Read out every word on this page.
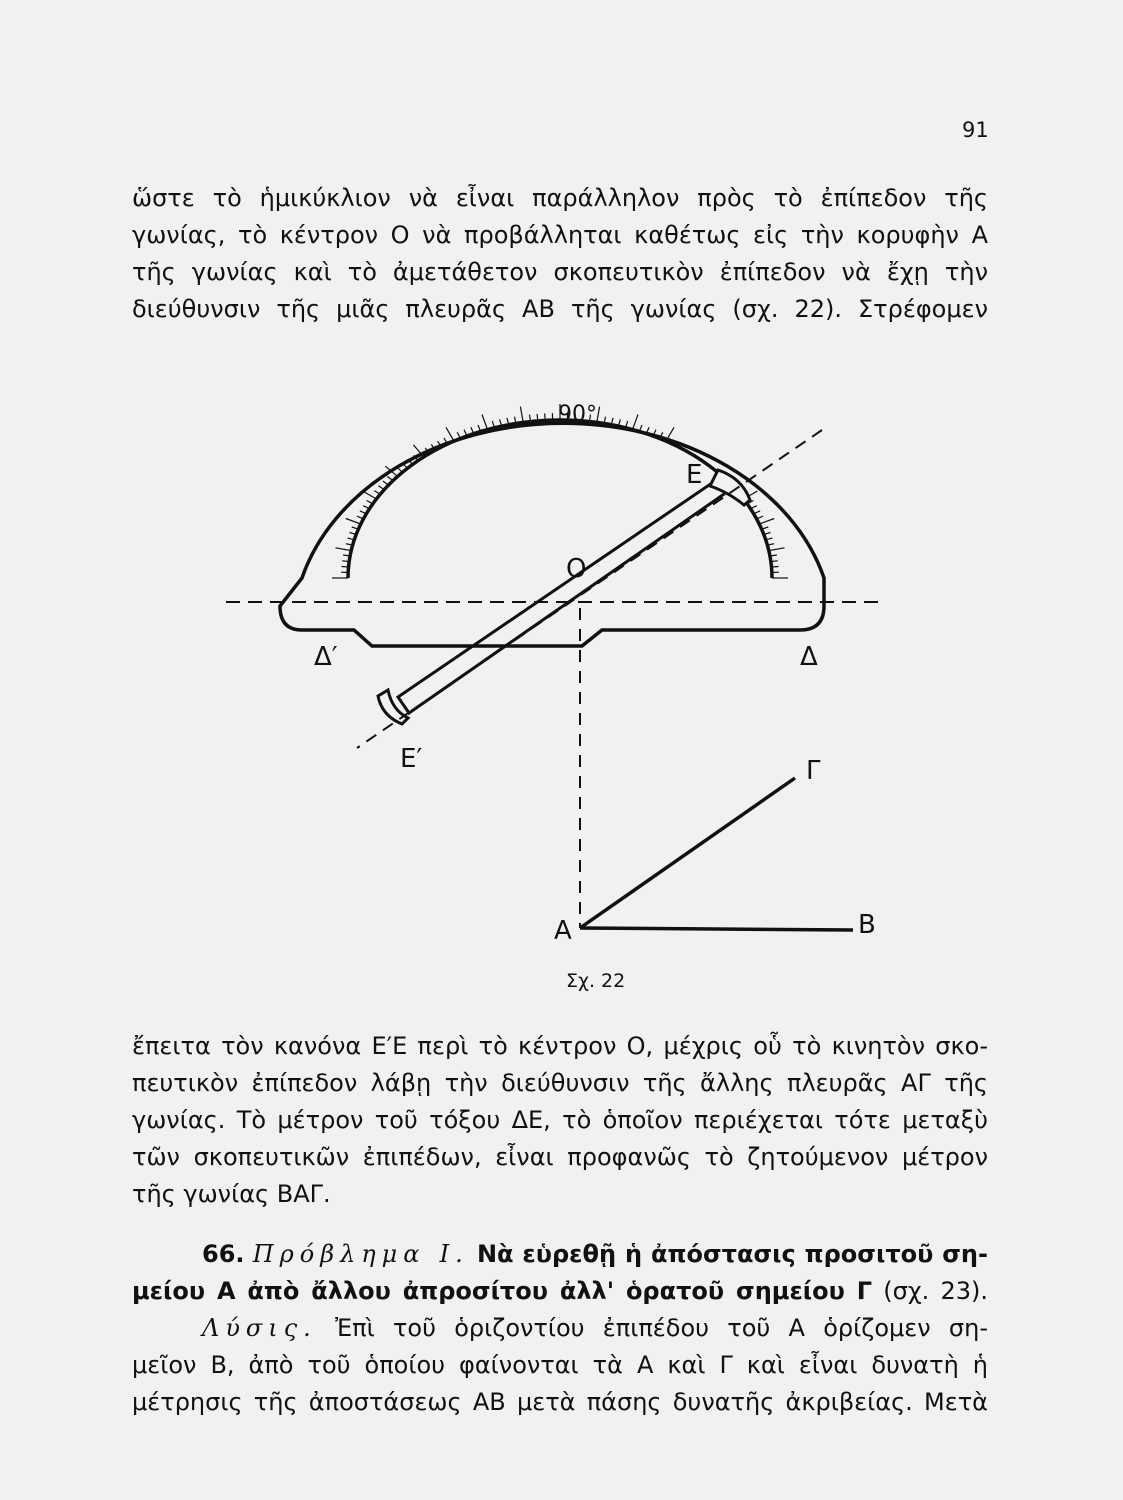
91
ὥστε τὸ ἡμικύκλιον νὰ εἶναι παράλληλον πρὸς τὸ ἐπίπεδον τῆς
γωνίας, τὸ κέντρον Ο νὰ προβάλληται καθέτως εἰς τὴν κορυφὴν Α
τῆς γωνίας καὶ τὸ ἀμετάθετον σκοπευτικὸν ἐπίπεδον νὰ ἔχῃ τὴν
διεύθυνσιν τῆς μιᾶς πλευρᾶς ΑΒ τῆς γωνίας (σχ. 22). Στρέφομεν
90°
Ε
Ο
Δ′	Δ
Ε′	Γ
Α	Β
Σχ. 22
ἔπειτα τὸν κανόνα Ε′Ε περὶ τὸ κέντρον Ο, μέχρις οὗ τὸ κινητὸν σκο-
πευτικὸν ἐπίπεδον λάβῃ τὴν διεύθυνσιν τῆς ἄλλης πλευρᾶς ΑΓ τῆς
γωνίας. Τὸ μέτρον τοῦ τόξου ΔΕ, τὸ ὁποῖον περιέχεται τότε μεταξὺ
τῶν σκοπευτικῶν ἐπιπέδων, εἶναι προφανῶς τὸ ζητούμενον μέτρον
τῆς γωνίας ΒΑΓ.
66. Πρόβλημα Ι. Νὰ εὑρεθῇ ἡ ἀπόστασις προσιτοῦ ση-
μείου Α ἀπὸ ἄλλου ἀπροσίτου ἀλλ' ὁρατοῦ σημείου Γ (σχ. 23).
Λύσις. Ἐπὶ τοῦ ὁριζοντίου ἐπιπέδου τοῦ Α ὁρίζομεν ση-
μεῖον Β, ἀπὸ τοῦ ὁποίου φαίνονται τὰ Α καὶ Γ καὶ εἶναι δυνατὴ ἡ
μέτρησις τῆς ἀποστάσεως ΑΒ μετὰ πάσης δυνατῆς ἀκριβείας. Μετὰ
